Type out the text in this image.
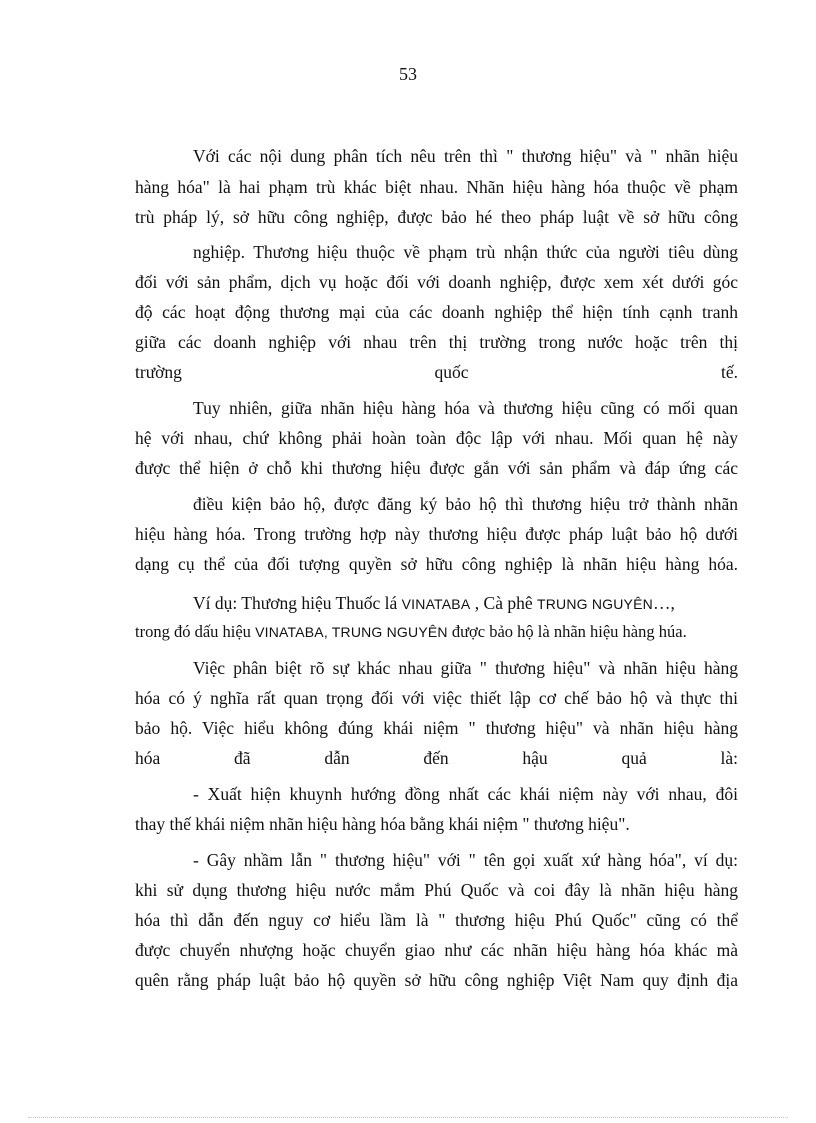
53

Với các nội dung phân tích nêu trên thì " thương hiệu" và " nhãn hiệu

hàng hóa" là hai phạm trù khác biệt nhau. Nhãn hiệu hàng hóa thuộc về phạm

trù pháp lý, sở hữu công nghiệp, được bảo hé theo pháp luật về sở hữu công

nghiệp. Thương hiệu thuộc về phạm trù nhận thức của người tiêu dùng

đối với sản phẩm, dịch vụ hoặc đối với doanh nghiệp, được xem xét dưới góc

độ các hoạt động thương mại của các doanh nghiệp thể hiện tính cạnh tranh

giữa các doanh nghiệp với nhau trên thị trường trong nước hoặc trên thị

trường quốc tế.

Tuy nhiên, giữa nhãn hiệu hàng hóa và thương hiệu cũng có mối quan

hệ với nhau, chứ không phải hoàn toàn độc lập với nhau. Mối quan hệ này

được thể hiện ở chỗ khi thương hiệu được gắn với sản phẩm và đáp ứng các

điều kiện bảo hộ, được đăng ký bảo hộ thì thương hiệu trở thành nhãn

hiệu hàng hóa. Trong trường hợp này thương hiệu được pháp luật bảo hộ dưới

dạng cụ thể của đối tượng quyền sở hữu công nghiệp là nhãn hiệu hàng hóa.

Ví dụ: Thương hiệu Thuốc lá VINATABA , Cà phê TRUNG NGUYÊN…,

trong đó dấu hiệu VINATABA, TRUNG NGUYÊN được bảo hộ là nhãn hiệu hàng húa.

Việc phân biệt rõ sự khác nhau giữa " thương hiệu" và nhãn hiệu hàng

hóa có ý nghĩa rất quan trọng đối với việc thiết lập cơ chế bảo hộ và thực thi

bảo hộ. Việc hiểu không đúng khái niệm " thương hiệu" và nhãn hiệu hàng

hóa đã dẫn đến hậu quả là:

- Xuất hiện khuynh hướng đồng nhất các khái niệm này với nhau, đôi

thay thế khái niệm nhãn hiệu hàng hóa bằng khái niệm " thương hiệu".

- Gây nhầm lẫn " thương hiệu" với " tên gọi xuất xứ hàng hóa", ví dụ:

khi sử dụng thương hiệu nước mắm Phú Quốc và coi đây là nhãn hiệu hàng

hóa thì dẫn đến nguy cơ hiểu lầm là " thương hiệu Phú Quốc" cũng có thể

được chuyển nhượng hoặc chuyển giao như các nhãn hiệu hàng hóa khác mà

quên rằng pháp luật bảo hộ quyền sở hữu công nghiệp Việt Nam quy định địa
